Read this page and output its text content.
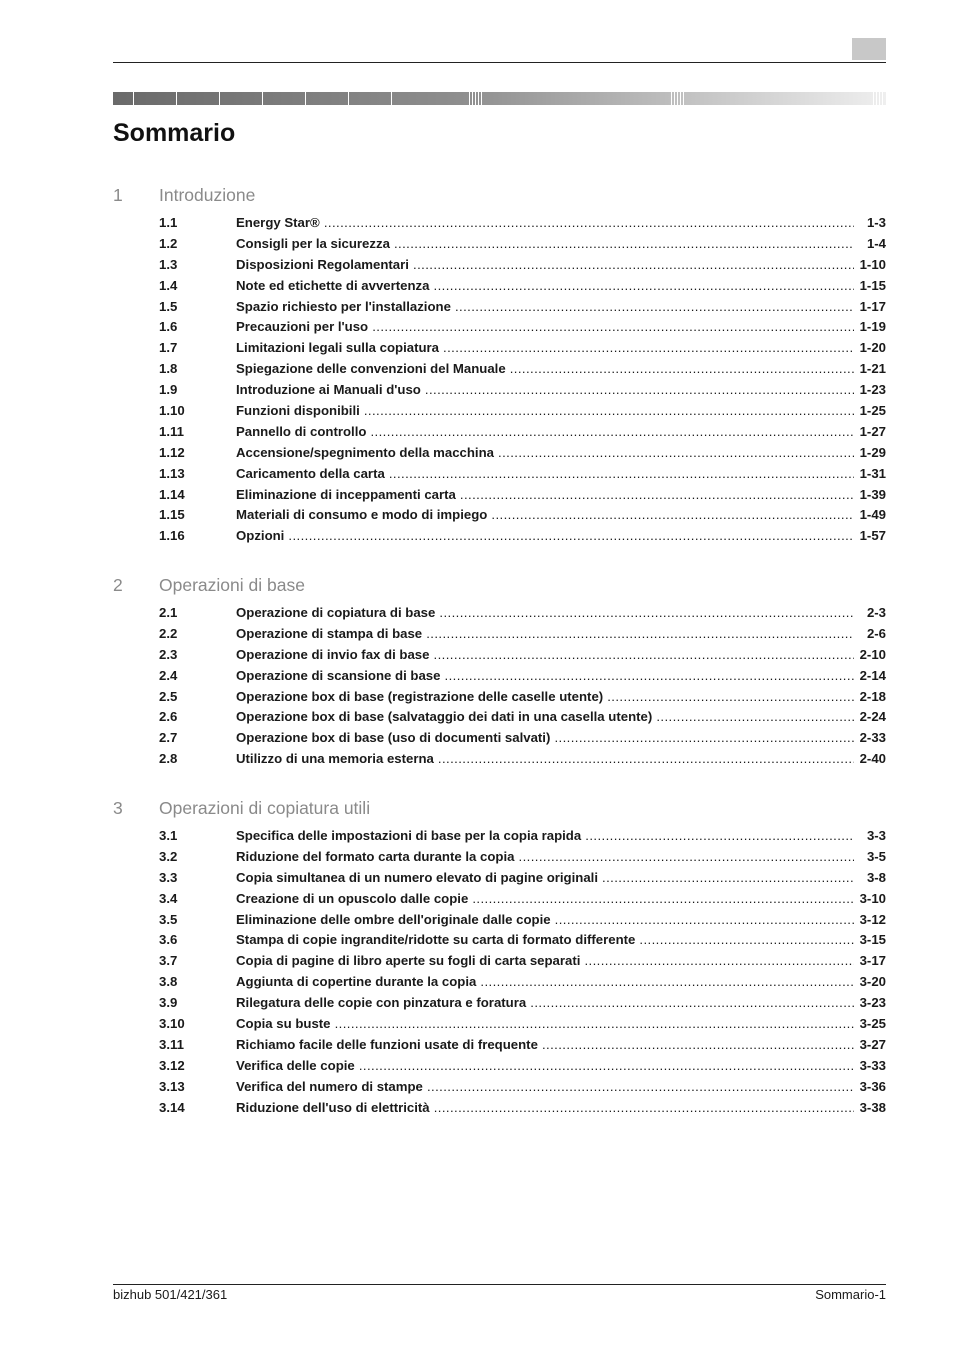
Sommario
1	Introduzione
1.1	Energy Star® .....	1-3
1.2	Consigli per la sicurezza .....	1-4
1.3	Disposizioni Regolamentari .....	1-10
1.4	Note ed etichette di avvertenza .....	1-15
1.5	Spazio richiesto per l'installazione .....	1-17
1.6	Precauzioni per l'uso .....	1-19
1.7	Limitazioni legali sulla copiatura .....	1-20
1.8	Spiegazione delle convenzioni del Manuale .....	1-21
1.9	Introduzione ai Manuali d'uso .....	1-23
1.10	Funzioni disponibili .....	1-25
1.11	Pannello di controllo .....	1-27
1.12	Accensione/spegnimento della macchina .....	1-29
1.13	Caricamento della carta .....	1-31
1.14	Eliminazione di inceppamenti carta .....	1-39
1.15	Materiali di consumo e modo di impiego .....	1-49
1.16	Opzioni .....	1-57
2	Operazioni di base
2.1	Operazione di copiatura di base .....	2-3
2.2	Operazione di stampa di base .....	2-6
2.3	Operazione di invio fax di base .....	2-10
2.4	Operazione di scansione di base .....	2-14
2.5	Operazione box di base (registrazione delle caselle utente) .....	2-18
2.6	Operazione box di base (salvataggio dei dati in una casella utente) .....	2-24
2.7	Operazione box di base (uso di documenti salvati) .....	2-33
2.8	Utilizzo di una memoria esterna .....	2-40
3	Operazioni di copiatura utili
3.1	Specifica delle impostazioni di base per la copia rapida .....	3-3
3.2	Riduzione del formato carta durante la copia .....	3-5
3.3	Copia simultanea di un numero elevato di pagine originali .....	3-8
3.4	Creazione di un opuscolo dalle copie .....	3-10
3.5	Eliminazione delle ombre dell'originale dalle copie .....	3-12
3.6	Stampa di copie ingrandite/ridotte su carta di formato differente .....	3-15
3.7	Copia di pagine di libro aperte su fogli di carta separati .....	3-17
3.8	Aggiunta di copertine durante la copia .....	3-20
3.9	Rilegatura delle copie con pinzatura e foratura .....	3-23
3.10	Copia su buste .....	3-25
3.11	Richiamo facile delle funzioni usate di frequente .....	3-27
3.12	Verifica delle copie .....	3-33
3.13	Verifica del numero di stampe .....	3-36
3.14	Riduzione dell'uso di elettricità .....	3-38
bizhub 501/421/361	Sommario-1
